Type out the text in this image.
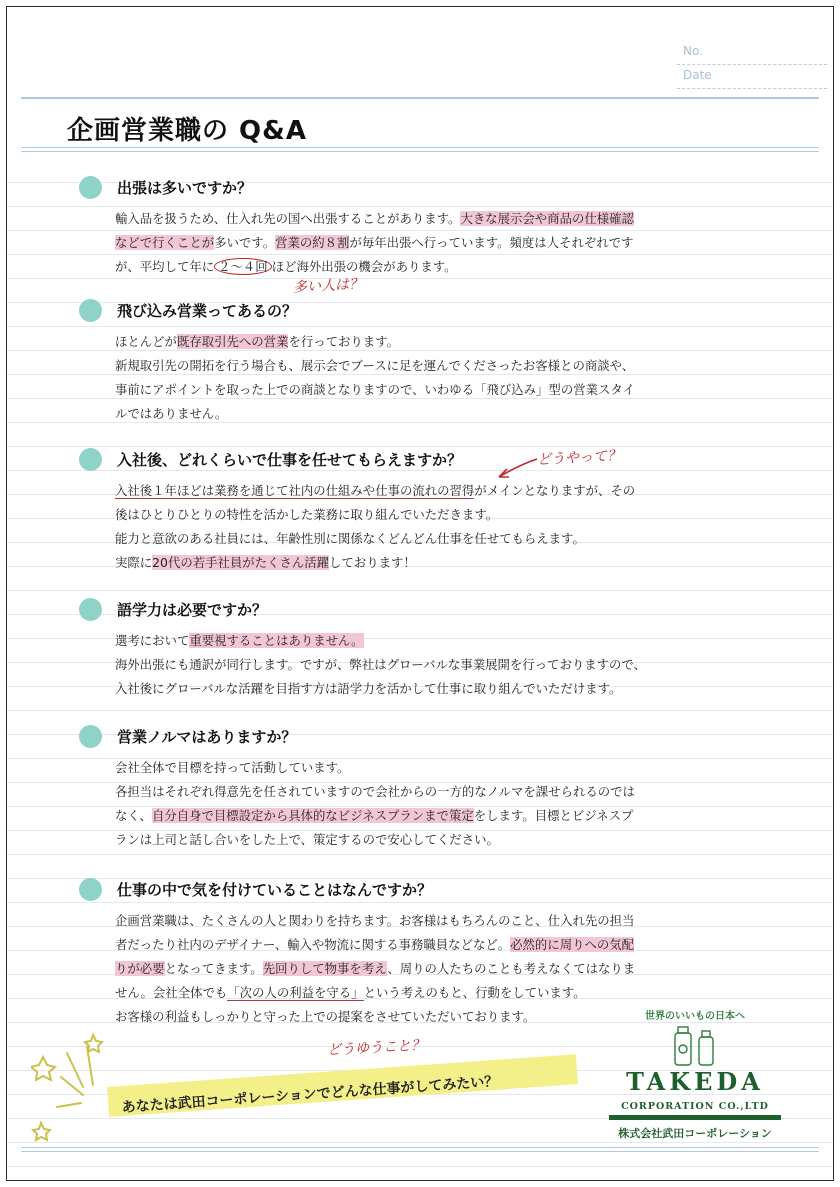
No.
Date
企画営業職の Q&A
多い人は？
どうやって？
どうゆうこと？
あなたは武田コーポレーションでどんな仕事がしてみたい？
世界のいいもの日本へ
TAKEDA
CORPORATION CO.,LTD
株式会社武田コーポレーション
出張は多いですか？
輸入品を扱うため、仕入れ先の国へ出張することがあります。大きな展示会や商品の仕様確認
などで行くことが多いです。営業の約８割が毎年出張へ行っています。頻度は人それぞれです
が、平均して年に ２～４回 ほど海外出張の機会があります。
飛び込み営業ってあるの？
ほとんどが既存取引先への営業を行っております。
新規取引先の開拓を行う場合も、展示会でブースに足を運んでくださったお客様との商談や、
事前にアポイントを取った上での商談となりますので、いわゆる「飛び込み」型の営業スタイ
ルではありません。
入社後、どれくらいで仕事を任せてもらえますか？
入社後１年ほどは業務を通じて社内の仕組みや仕事の流れの習得がメインとなりますが、その
後はひとりひとりの特性を活かした業務に取り組んでいただきます。
能力と意欲のある社員には、年齢性別に関係なくどんどん仕事を任せてもらえます。
実際に20代の若手社員がたくさん活躍しております！
語学力は必要ですか？
選考において重要視することはありません。
海外出張にも通訳が同行します。ですが、弊社はグローバルな事業展開を行っておりますので、
入社後にグローバルな活躍を目指す方は語学力を活かして仕事に取り組んでいただけます。
営業ノルマはありますか？
会社全体で目標を持って活動しています。
各担当はそれぞれ得意先を任されていますので会社からの一方的なノルマを課せられるのでは
なく、自分自身で目標設定から具体的なビジネスプランまで策定をします。目標とビジネスプ
ランは上司と話し合いをした上で、策定するので安心してください。
仕事の中で気を付けていることはなんですか？
企画営業職は、たくさんの人と関わりを持ちます。お客様はもちろんのこと、仕入れ先の担当
者だったり社内のデザイナー、輸入や物流に関する事務職員などなど。必然的に周りへの気配
りが必要となってきます。先回りして物事を考え、周りの人たちのことも考えなくてはなりま
せん。会社全体でも「次の人の利益を守る」という考えのもと、行動をしています。
お客様の利益もしっかりと守った上での提案をさせていただいております。
